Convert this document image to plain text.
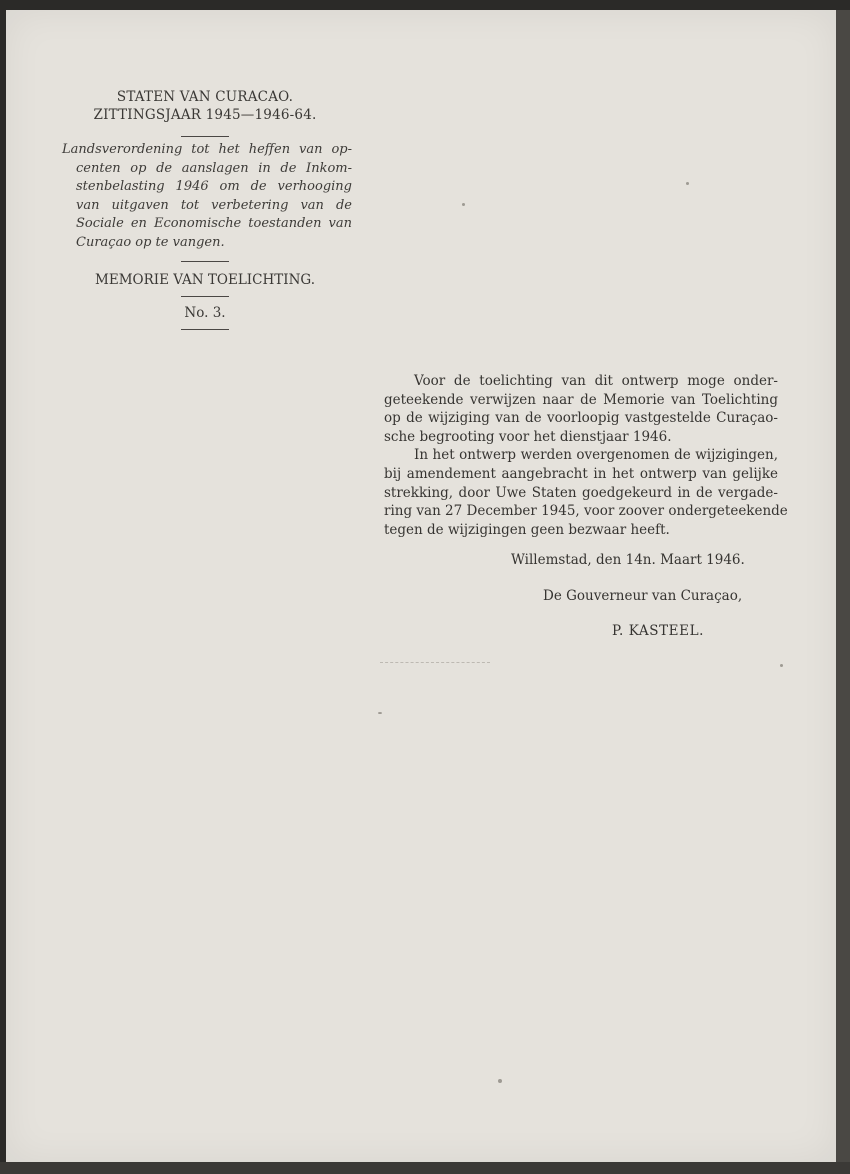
STATEN VAN CURACAO.
ZITTINGSJAAR 1945—1946-64.
Landsverordening tot het heffen van op-
centen op de aanslagen in de Inkom-
stenbelasting 1946 om de verhooging
van uitgaven tot verbetering van de
Sociale en Economische toestanden van
Curaçao op te vangen.
MEMORIE VAN TOELICHTING.
No. 3.
Voor de toelichting van dit ontwerp moge onder-
geteekende verwijzen naar de Memorie van Toelichting
op de wijziging van de voorloopig vastgestelde Curaçao-
sche begrooting voor het dienstjaar 1946.
In het ontwerp werden overgenomen de wijzigingen,
bij amendement aangebracht in het ontwerp van gelijke
strekking, door Uwe Staten goedgekeurd in de vergade-
ring van 27 December 1945, voor zoover ondergeteekende
tegen de wijzigingen geen bezwaar heeft.
Willemstad, den 14n. Maart 1946.
De Gouverneur van Curaçao,
P. KASTEEL.
